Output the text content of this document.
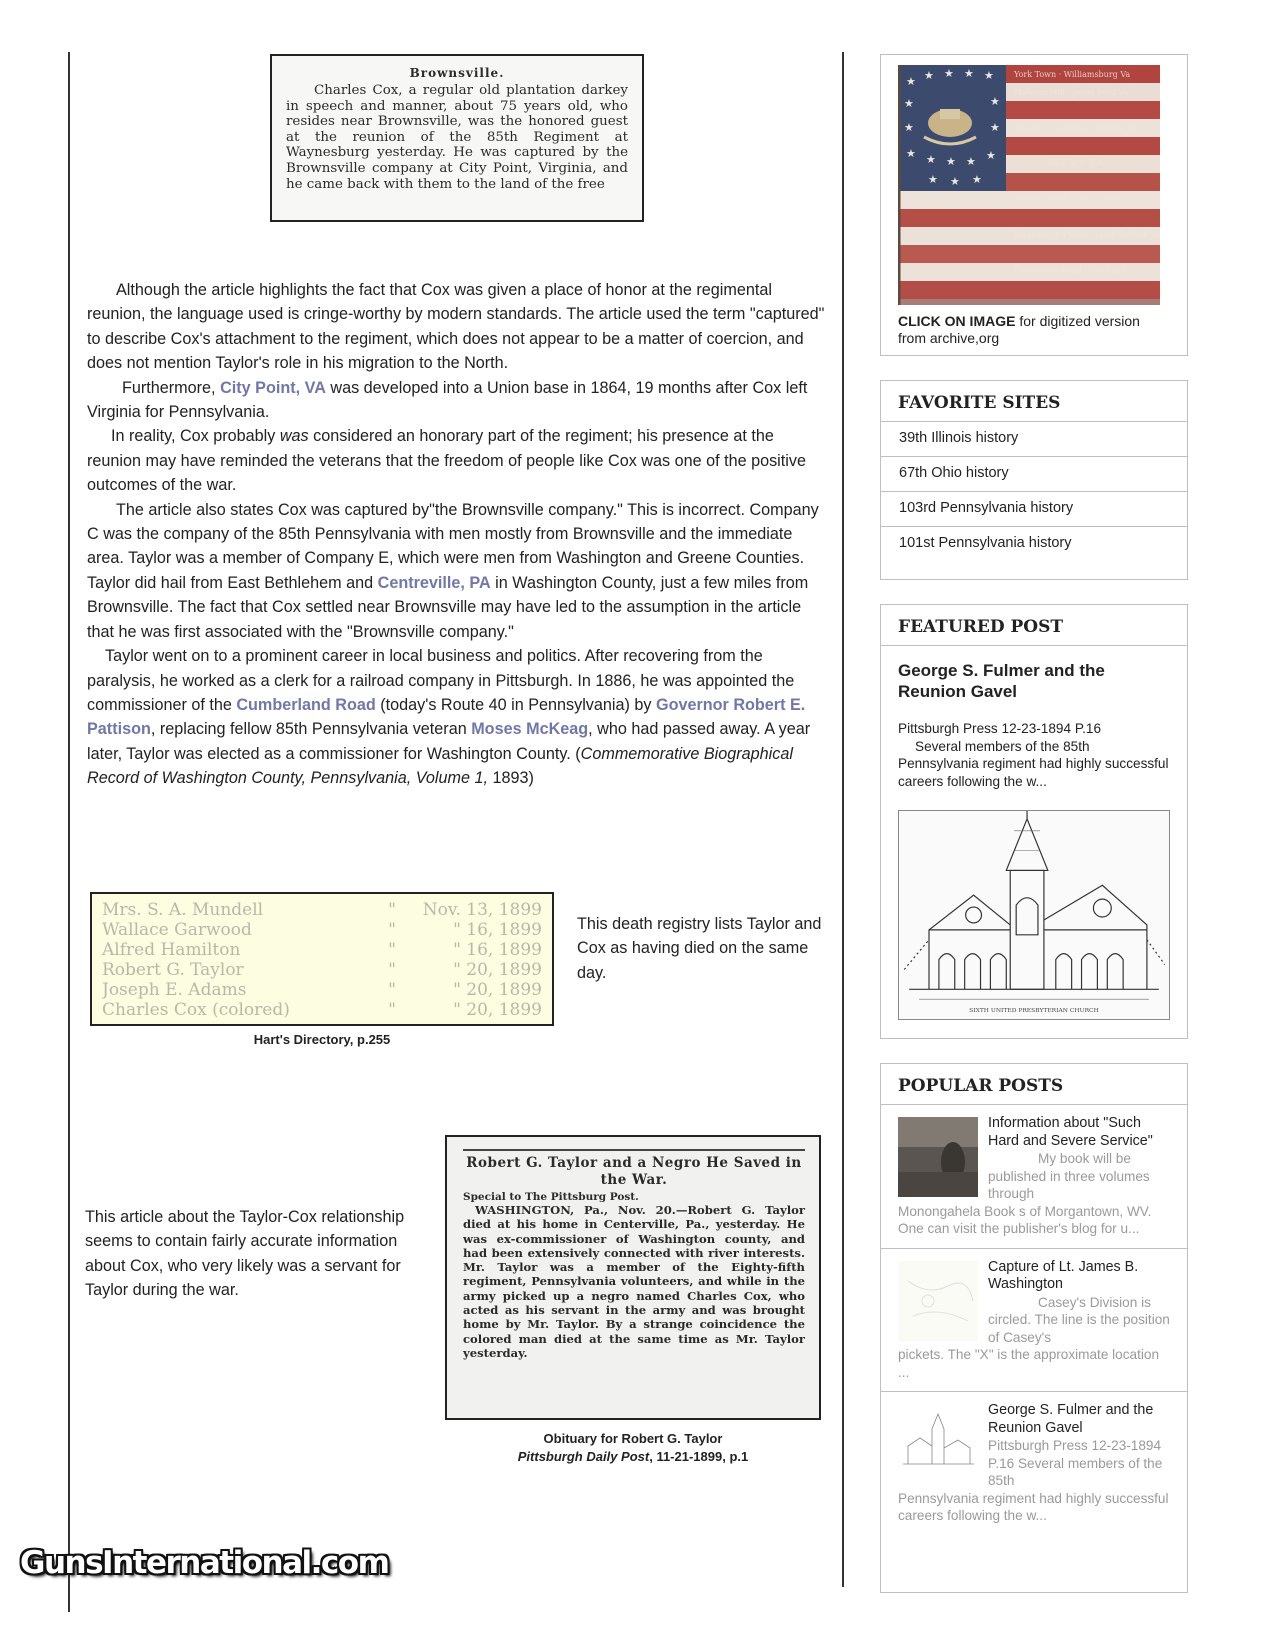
Brownsville.
Charles Cox, a regular old plantation darkey in speech and manner, about 75 years old, who resides near Brownsville, was the honored guest at the reunion of the 85th Regiment at Waynesburg yesterday. He was captured by the Brownsville company at City Point, Virginia, and he came back with them to the land of the free

Although the article highlights the fact that Cox was given a place of honor at the regimental reunion, the language used is cringe-worthy by modern standards. The article used the term "captured" to describe Cox's attachment to the regiment, which does not appear to be a matter of coercion, and does not mention Taylor's role in his migration to the North.

Furthermore, City Point, VA was developed into a Union base in 1864, 19 months after Cox left Virginia for Pennsylvania.

In reality, Cox probably was considered an honorary part of the regiment; his presence at the reunion may have reminded the veterans that the freedom of people like Cox was one of the positive outcomes of the war.

The article also states Cox was captured by"the Brownsville company." This is incorrect. Company C was the company of the 85th Pennsylvania with men mostly from Brownsville and the immediate area. Taylor was a member of Company E, which were men from Washington and Greene Counties. Taylor did hail from East Bethlehem and Centreville, PA in Washington County, just a few miles from Brownsville. The fact that Cox settled near Brownsville may have led to the assumption in the article that he was first associated with the "Brownsville company."

Taylor went on to a prominent career in local business and politics. After recovering from the paralysis, he worked as a clerk for a railroad company in Pittsburgh. In 1886, he was appointed the commissioner of the Cumberland Road (today's Route 40 in Pennsylvania) by Governor Robert E. Pattison, replacing fellow 85th Pennsylvania veteran Moses McKeag, who had passed away. A year later, Taylor was elected as a commissioner for Washington County. (Commemorative Biographical Record of Washington County, Pennsylvania, Volume 1, 1893)

Mrs. S. A. Mundell	"	Nov. 13, 1899
Wallace Garwood	"	" 16, 1899
Alfred Hamilton	"	" 16, 1899
Robert G. Taylor	"	" 20, 1899
Joseph E. Adams	"	" 20, 1899
Charles Cox (colored)	"	" 20, 1899
This death registry lists Taylor and Cox as having died on the same day.
Hart's Directory, p.255
This article about the Taylor-Cox relationship seems to contain fairly accurate information about Cox, who very likely was a servant for Taylor during the war.
Robert G. Taylor and a Negro He Saved in the War.
Special to The Pittsburg Post.
WASHINGTON, Pa., Nov. 20.—Robert G. Taylor died at his home in Centerville, Pa., yesterday. He was ex-commissioner of Washington county, and had been extensively connected with river interests. Mr. Taylor was a member of the Eighty-fifth regiment, Pennsylvania volunteers, and while in the army picked up a negro named Charles Cox, who acted as his servant in the army and was brought home by Mr. Taylor. By a strange coincidence the colored man died at the same time as Mr. Taylor yesterday.
Obituary for Robert G. Taylor
Pittsburgh Daily Post, 11-21-1899, p.1
★ ★ ★ ★ ★
★	★
★	★
★ ★ ★ ★ ★
★ ★ ★
York Town · Williamsburg Va
Malvern Hill · Jones Ford Va
Kinston · Goldsboro Bridge NC
85 P. V. V. P. A.
Morris Island · Aug 7 1863
Strawberry Plains · Deep Bottom Va
Darbytown Road · Oct 1864
CLICK ON IMAGE for digitized version from archive,org
FAVORITE SITES
39th Illinois history
67th Ohio history
103rd Pennsylvania history
101st Pennsylvania history
FEATURED POST
George S. Fulmer and the Reunion Gavel
Pittsburgh Press 12-23-1894 P.16
Several members of the 85th Pennsylvania regiment had highly successful careers following the w...
SIXTH UNITED PRESBYTERIAN CHURCH
POPULAR POSTS
Information about "Such Hard and Severe Service"
My book will be published in three volumes through
Monongahela Book s of Morgantown, WV. One can visit the publisher's blog for u...
Capture of Lt. James B. Washington
Casey's Division is circled. The line is the position of Casey's
pickets. The "X" is the approximate location ...
George S. Fulmer and the Reunion Gavel
Pittsburgh Press 12-23-1894 P.16 Several members of the 85th
Pennsylvania regiment had highly successful careers following the w...
GunsInternational.com
